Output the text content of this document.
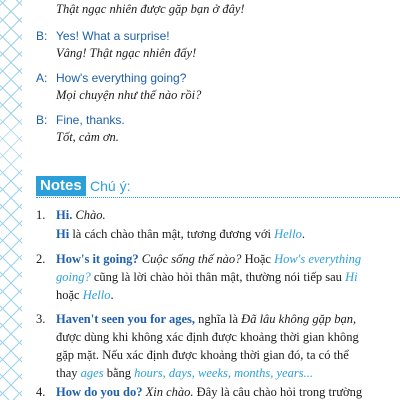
Thật ngạc nhiên được gặp bạn ở đây!
B: Yes! What a surprise!
Vâng! Thật ngạc nhiên đấy!
A: How's everything going?
Mọi chuyện như thế nào rồi?
B: Fine, thanks.
Tốt, cảm ơn.
Notes Chú ý:
1. Hi. Chào.
Hi là cách chào thân mật, tương đương với Hello.
2. How's it going? Cuộc sống thế nào? Hoặc How's everything
going? cũng là lời chào hỏi thân mật, thường nói tiếp sau Hi
hoặc Hello.
3. Haven't seen you for ages, nghĩa là Đã lâu không gặp bạn,
được dùng khi không xác định được khoảng thời gian không
gặp mặt. Nếu xác định được khoảng thời gian đó, ta có thể
thay ages bằng hours, days, weeks, months, years...
4. How do you do? Xin chào. Đây là câu chào hỏi trong trường
